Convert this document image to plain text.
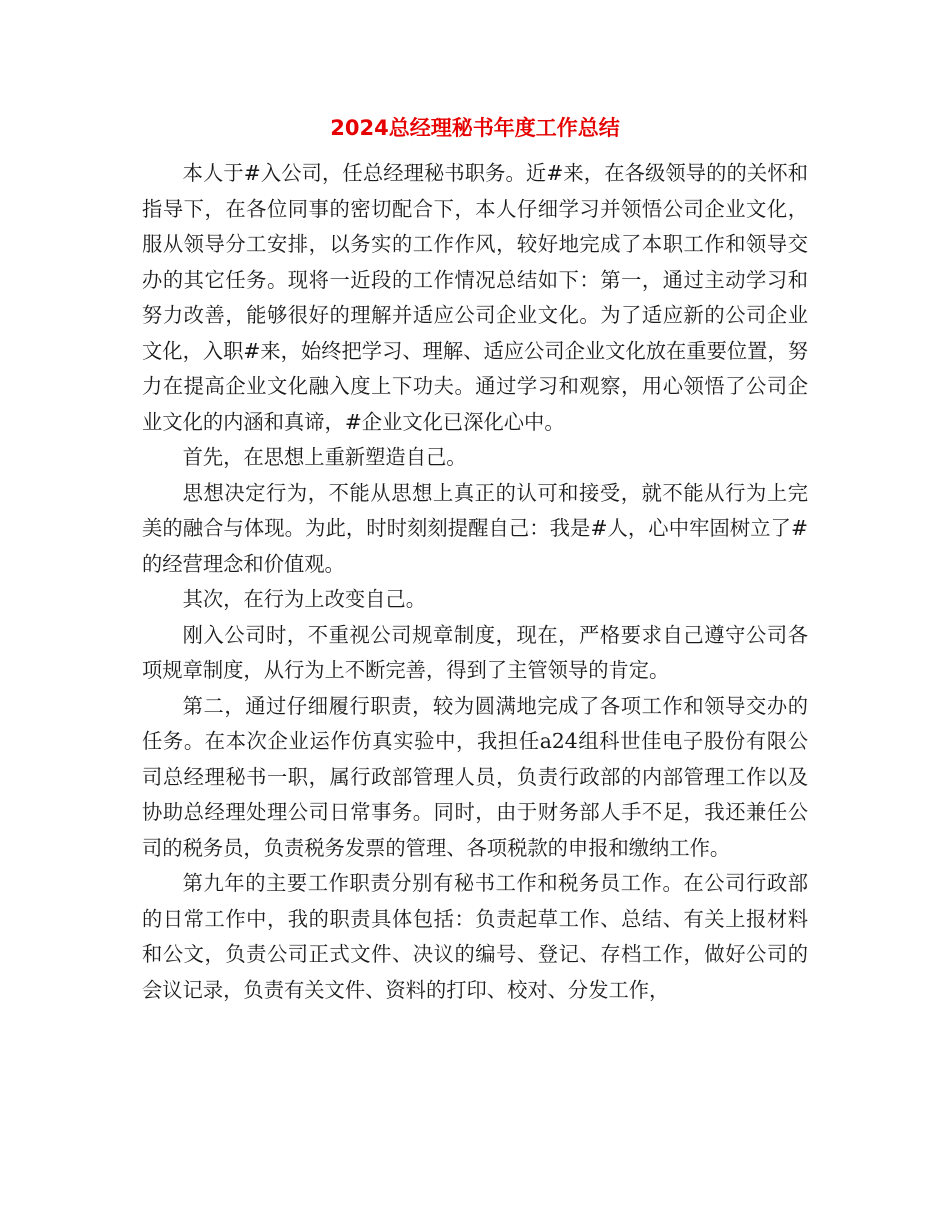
2024总经理秘书年度工作总结

本人于#入公司，任总经理秘书职务。近#来，在各级领导的的关怀和指导下，在各位同事的密切配合下，本人仔细学习并领悟公司企业文化，服从领导分工安排，以务实的工作作风，较好地完成了本职工作和领导交办的其它任务。现将一近段的工作情况总结如下：第一，通过主动学习和努力改善，能够很好的理解并适应公司企业文化。为了适应新的公司企业文化，入职#来，始终把学习、理解、适应公司企业文化放在重要位置，努力在提高企业文化融入度上下功夫。通过学习和观察，用心领悟了公司企业文化的内涵和真谛，#企业文化已深化心中。

首先，在思想上重新塑造自己。

思想决定行为，不能从思想上真正的认可和接受，就不能从行为上完美的融合与体现。为此，时时刻刻提醒自己：我是#人，心中牢固树立了#的经营理念和价值观。

其次，在行为上改变自己。

刚入公司时，不重视公司规章制度，现在，严格要求自己遵守公司各项规章制度，从行为上不断完善，得到了主管领导的肯定。

第二，通过仔细履行职责，较为圆满地完成了各项工作和领导交办的任务。在本次企业运作仿真实验中，我担任a24组科世佳电子股份有限公司总经理秘书一职，属行政部管理人员，负责行政部的内部管理工作以及协助总经理处理公司日常事务。同时，由于财务部人手不足，我还兼任公司的税务员，负责税务发票的管理、各项税款的申报和缴纳工作。

第九年的主要工作职责分别有秘书工作和税务员工作。在公司行政部的日常工作中，我的职责具体包括：负责起草工作、总结、有关上报材料和公文，负责公司正式文件、决议的编号、登记、存档工作，做好公司的会议记录，负责有关文件、资料的打印、校对、分发工作，
